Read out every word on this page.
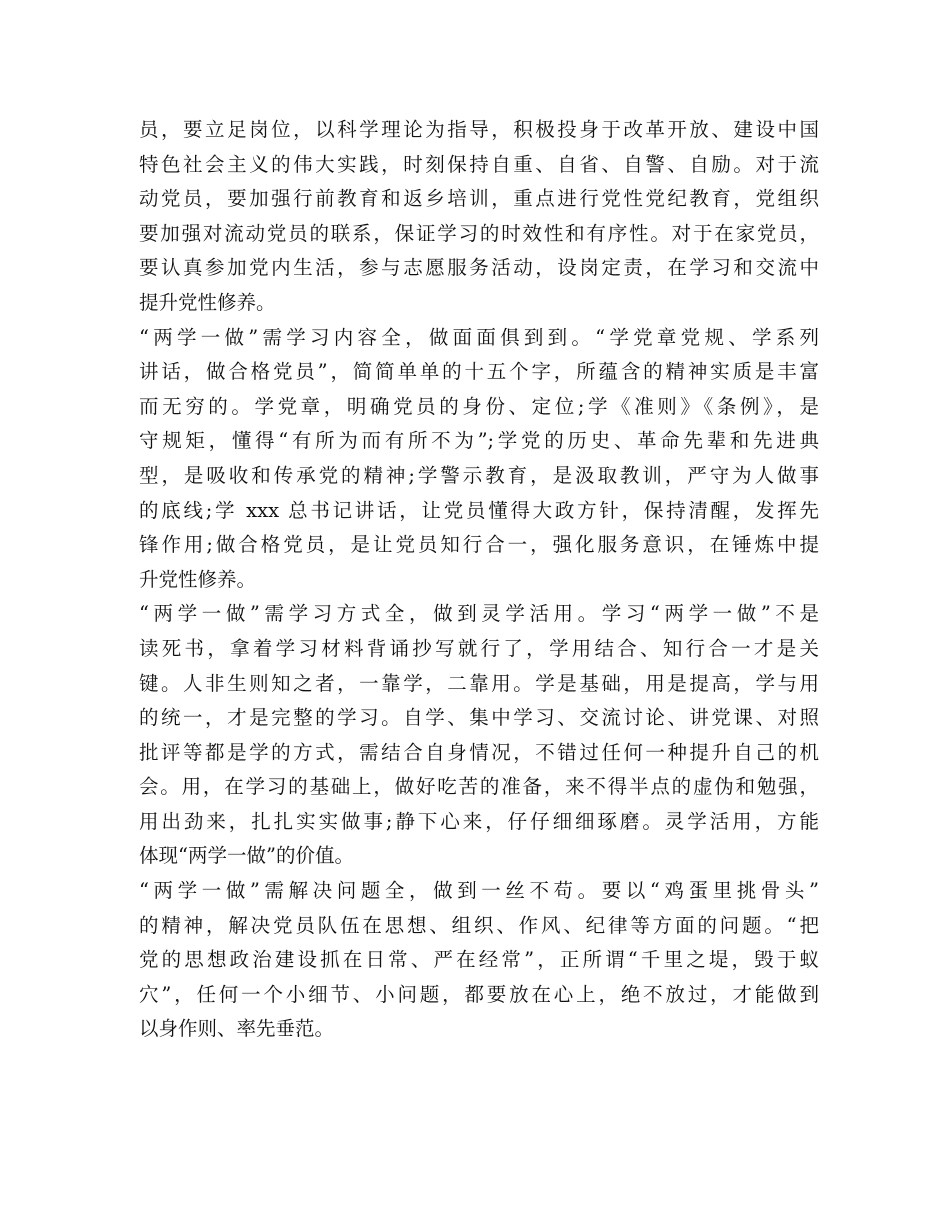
员，要立足岗位，以科学理论为指导，积极投身于改革开放、建设中国
特色社会主义的伟大实践，时刻保持自重、自省、自警、自励。对于流
动党员，要加强行前教育和返乡培训，重点进行党性党纪教育，党组织
要加强对流动党员的联系，保证学习的时效性和有序性。对于在家党员，
要认真参加党内生活，参与志愿服务活动，设岗定责，在学习和交流中
提升党性修养。
“两学一做”需学习内容全，做面面俱到到。“学党章党规、学系列
讲话，做合格党员”，简简单单的十五个字，所蕴含的精神实质是丰富
而无穷的。学党章，明确党员的身份、定位;学《准则》《条例》，是
守规矩，懂得“有所为而有所不为”;学党的历史、革命先辈和先进典
型，是吸收和传承党的精神;学警示教育，是汲取教训，严守为人做事
的底线;学 xxx 总书记讲话，让党员懂得大政方针，保持清醒，发挥先
锋作用;做合格党员，是让党员知行合一，强化服务意识，在锤炼中提
升党性修养。
“两学一做”需学习方式全，做到灵学活用。学习“两学一做”不是
读死书，拿着学习材料背诵抄写就行了，学用结合、知行合一才是关
键。人非生则知之者，一靠学，二靠用。学是基础，用是提高，学与用
的统一，才是完整的学习。自学、集中学习、交流讨论、讲党课、对照
批评等都是学的方式，需结合自身情况，不错过任何一种提升自己的机
会。用，在学习的基础上，做好吃苦的准备，来不得半点的虚伪和勉强，
用出劲来，扎扎实实做事;静下心来，仔仔细细琢磨。灵学活用，方能
体现“两学一做”的价值。
“两学一做”需解决问题全，做到一丝不苟。要以“鸡蛋里挑骨头”
的精神，解决党员队伍在思想、组织、作风、纪律等方面的问题。“把
党的思想政治建设抓在日常、严在经常”，正所谓“千里之堤，毁于蚁
穴”，任何一个小细节、小问题，都要放在心上，绝不放过，才能做到
以身作则、率先垂范。
